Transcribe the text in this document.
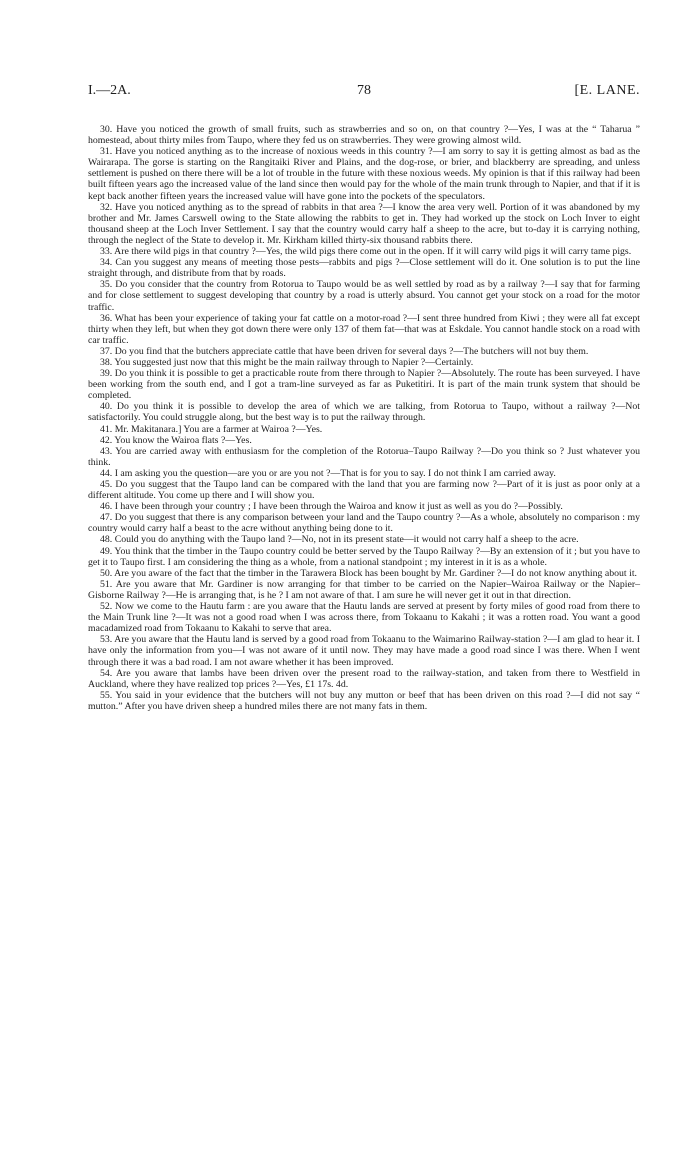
I.—2A.	78	[E. LANE.

30. Have you noticed the growth of small fruits, such as strawberries and so on, on that country ?—Yes, I was at the “ Taharua ” homestead, about thirty miles from Taupo, where they fed us on strawberries. They were growing almost wild.

31. Have you noticed anything as to the increase of noxious weeds in this country ?—I am sorry to say it is getting almost as bad as the Wairarapa. The gorse is starting on the Rangitaiki River and Plains, and the dog-rose, or brier, and blackberry are spreading, and unless settlement is pushed on there there will be a lot of trouble in the future with these noxious weeds. My opinion is that if this railway had been built fifteen years ago the increased value of the land since then would pay for the whole of the main trunk through to Napier, and that if it is kept back another fifteen years the increased value will have gone into the pockets of the speculators.

32. Have you noticed anything as to the spread of rabbits in that area ?—I know the area very well. Portion of it was abandoned by my brother and Mr. James Carswell owing to the State allowing the rabbits to get in. They had worked up the stock on Loch Inver to eight thousand sheep at the Loch Inver Settlement. I say that the country would carry half a sheep to the acre, but to-day it is carrying nothing, through the neglect of the State to develop it. Mr. Kirkham killed thirty-six thousand rabbits there.

33. Are there wild pigs in that country ?—Yes, the wild pigs there come out in the open. If it will carry wild pigs it will carry tame pigs.

34. Can you suggest any means of meeting those pests—rabbits and pigs ?—Close settlement will do it. One solution is to put the line straight through, and distribute from that by roads.

35. Do you consider that the country from Rotorua to Taupo would be as well settled by road as by a railway ?—I say that for farming and for close settlement to suggest developing that country by a road is utterly absurd. You cannot get your stock on a road for the motor traffic.

36. What has been your experience of taking your fat cattle on a motor-road ?—I sent three hundred from Kiwi ; they were all fat except thirty when they left, but when they got down there were only 137 of them fat—that was at Eskdale. You cannot handle stock on a road with car traffic.

37. Do you find that the butchers appreciate cattle that have been driven for several days ?—The butchers will not buy them.

38. You suggested just now that this might be the main railway through to Napier ?—Certainly.

39. Do you think it is possible to get a practicable route from there through to Napier ?—Absolutely. The route has been surveyed. I have been working from the south end, and I got a tram-line surveyed as far as Puketitiri. It is part of the main trunk system that should be completed.

40. Do you think it is possible to develop the area of which we are talking, from Rotorua to Taupo, without a railway ?—Not satisfactorily. You could struggle along, but the best way is to put the railway through.

41. Mr. Makitanara.] You are a farmer at Wairoa ?—Yes.

42. You know the Wairoa flats ?—Yes.

43. You are carried away with enthusiasm for the completion of the Rotorua–Taupo Railway ?—Do you think so ? Just whatever you think.

44. I am asking you the question—are you or are you not ?—That is for you to say. I do not think I am carried away.

45. Do you suggest that the Taupo land can be compared with the land that you are farming now ?—Part of it is just as poor only at a different altitude. You come up there and I will show you.

46. I have been through your country ; I have been through the Wairoa and know it just as well as you do ?—Possibly.

47. Do you suggest that there is any comparison between your land and the Taupo country ?—As a whole, absolutely no comparison : my country would carry half a beast to the acre without anything being done to it.

48. Could you do anything with the Taupo land ?—No, not in its present state—it would not carry half a sheep to the acre.

49. You think that the timber in the Taupo country could be better served by the Taupo Railway ?—By an extension of it ; but you have to get it to Taupo first. I am considering the thing as a whole, from a national standpoint ; my interest in it is as a whole.

50. Are you aware of the fact that the timber in the Tarawera Block has been bought by Mr. Gardiner ?—I do not know anything about it.

51. Are you aware that Mr. Gardiner is now arranging for that timber to be carried on the Napier–Wairoa Railway or the Napier–Gisborne Railway ?—He is arranging that, is he ? I am not aware of that. I am sure he will never get it out in that direction.

52. Now we come to the Hautu farm : are you aware that the Hautu lands are served at present by forty miles of good road from there to the Main Trunk line ?—It was not a good road when I was across there, from Tokaanu to Kakahi ; it was a rotten road. You want a good macadamized road from Tokaanu to Kakahi to serve that area.

53. Are you aware that the Hautu land is served by a good road from Tokaanu to the Waimarino Railway-station ?—I am glad to hear it. I have only the information from you—I was not aware of it until now. They may have made a good road since I was there. When I went through there it was a bad road. I am not aware whether it has been improved.

54. Are you aware that lambs have been driven over the present road to the railway-station, and taken from there to Westfield in Auckland, where they have realized top prices ?—Yes, £1 17s. 4d.

55. You said in your evidence that the butchers will not buy any mutton or beef that has been driven on this road ?—I did not say “ mutton.” After you have driven sheep a hundred miles there are not many fats in them.
